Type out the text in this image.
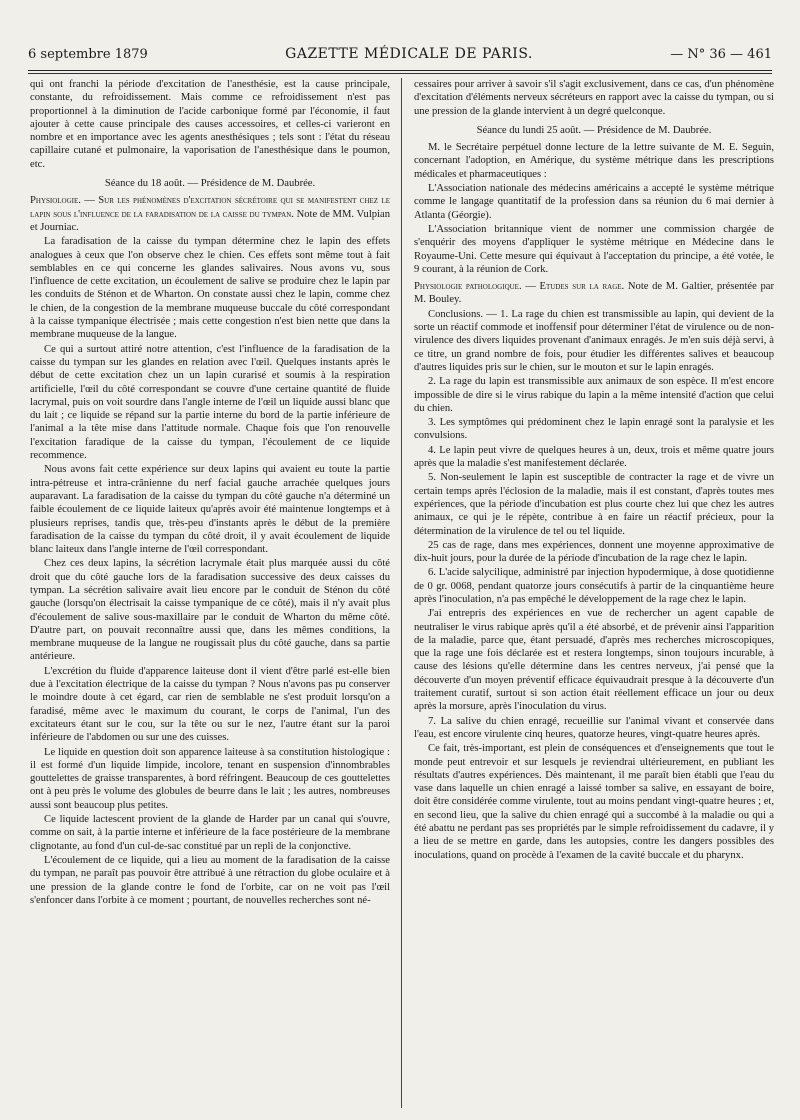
6 septembre 1879	GAZETTE MÉDICALE DE PARIS.	— N° 36 — 461

qui ont franchi la période d'excitation de l'anesthésie, est la cause principale, constante, du refroidissement. Mais comme ce refroidissement n'est pas proportionnel à la diminution de l'acide carbonique formé par l'économie, il faut ajouter à cette cause principale des causes accessoires, et celles-ci varieront en nombre et en importance avec les agents anesthésiques ; tels sont : l'état du réseau capillaire cutané et pulmonaire, la vaporisation de l'anesthésique dans le poumon, etc.

Séance du 18 août. — Présidence de M. Daubrée.

Physiologie. — Sur les phénomènes d'excitation sécrétoire qui se manifestent chez le lapin sous l'influence de la faradisation de la caisse du tympan. Note de MM. Vulpian et Journiac.

La faradisation de la caisse du tympan détermine chez le lapin des effets analogues à ceux que l'on observe chez le chien. Ces effets sont même tout à fait semblables en ce qui concerne les glandes salivaires. Nous avons vu, sous l'influence de cette excitation, un écoulement de salive se produire chez le lapin par les conduits de Sténon et de Wharton. On constate aussi chez le lapin, comme chez le chien, de la congestion de la membrane muqueuse buccale du côté correspondant à la caisse tympanique électrisée ; mais cette congestion n'est bien nette que dans la membrane muqueuse de la langue.

Ce qui a surtout attiré notre attention, c'est l'influence de la faradisation de la caisse du tympan sur les glandes en relation avec l'œil. Quelques instants après le début de cette excitation chez un un lapin curarisé et soumis à la respiration artificielle, l'œil du côté correspondant se couvre d'une certaine quantité de fluide lacrymal, puis on voit sourdre dans l'angle interne de l'œil un liquide aussi blanc que du lait ; ce liquide se répand sur la partie interne du bord de la partie inférieure de l'animal a la tête mise dans l'attitude normale. Chaque fois que l'on renouvelle l'excitation faradique de la caisse du tympan, l'écoulement de ce liquide recommence.

Nous avons fait cette expérience sur deux lapins qui avaient eu toute la partie intra-pétreuse et intra-crânienne du nerf facial gauche arrachée quelques jours auparavant. La faradisation de la caisse du tympan du côté gauche n'a déterminé un faible écoulement de ce liquide laiteux qu'après avoir été maintenue longtemps et à plusieurs reprises, tandis que, très-peu d'instants après le début de la première faradisation de la caisse du tympan du côté droit, il y avait écoulement de liquide blanc laiteux dans l'angle interne de l'œil correspondant.

Chez ces deux lapins, la sécrétion lacrymale était plus marquée aussi du côté droit que du côté gauche lors de la faradisation successive des deux caisses du tympan. La sécrétion salivaire avait lieu encore par le conduit de Sténon du côté gauche (lorsqu'on électrisait la caisse tympanique de ce côté), mais il n'y avait plus d'écoulement de salive sous-maxillaire par le conduit de Wharton du même côté. D'autre part, on pouvait reconnaître aussi que, dans les mêmes conditions, la membrane muqueuse de la langue ne rougissait plus du côté gauche, dans sa partie antérieure.

L'excrétion du fluide d'apparence laiteuse dont il vient d'être parlé est-elle bien due à l'excitation électrique de la caisse du tympan ? Nous n'avons pas pu conserver le moindre doute à cet égard, car rien de semblable ne s'est produit lorsqu'on a faradisé, même avec le maximum du courant, le corps de l'animal, l'un des excitateurs étant sur le cou, sur la tête ou sur le nez, l'autre étant sur la paroi inférieure de l'abdomen ou sur une des cuisses.

Le liquide en question doit son apparence laiteuse à sa constitution histologique : il est formé d'un liquide limpide, incolore, tenant en suspension d'innombrables gouttelettes de graisse transparentes, à bord réfringent. Beaucoup de ces gouttelettes ont à peu près le volume des globules de beurre dans le lait ; les autres, nombreuses aussi sont beaucoup plus petites.

Ce liquide lactescent provient de la glande de Harder par un canal qui s'ouvre, comme on sait, à la partie interne et inférieure de la face postérieure de la membrane clignotante, au fond d'un cul-de-sac constitué par un repli de la conjonctive.

L'écoulement de ce liquide, qui a lieu au moment de la faradisation de la caisse du tympan, ne paraît pas pouvoir être attribué à une rétraction du globe oculaire et à une pression de la glande contre le fond de l'orbite, car on ne voit pas l'œil s'enfoncer dans l'orbite à ce moment ; pourtant, de nouvelles recherches sont né-

cessaires pour arriver à savoir s'il s'agit exclusivement, dans ce cas, d'un phénomène d'excitation d'éléments nerveux sécréteurs en rapport avec la caisse du tympan, ou si une pression de la glande intervient à un degré quelconque.

Séance du lundi 25 août. — Présidence de M. Daubrée.

M. le Secrétaire perpétuel donne lecture de la lettre suivante de M. E. Seguin, concernant l'adoption, en Amérique, du système métrique dans les prescriptions médicales et pharmaceutiques :

L'Association nationale des médecins américains a accepté le système métrique comme le langage quantitatif de la profession dans sa réunion du 6 mai dernier à Atlanta (Géorgie).

L'Association britannique vient de nommer une commission chargée de s'enquérir des moyens d'appliquer le système métrique en Médecine dans le Royaume-Uni. Cette mesure qui équivaut à l'acceptation du principe, a été votée, le 9 courant, à la réunion de Cork.

Physiologie pathologique. — Etudes sur la rage. Note de M. Galtier, présentée par M. Bouley.

Conclusions. — 1. La rage du chien est transmissible au lapin, qui devient de la sorte un réactif commode et inoffensif pour déterminer l'état de virulence ou de non-virulence des divers liquides provenant d'animaux enragés. Je m'en suis déjà servi, à ce titre, un grand nombre de fois, pour étudier les différentes salives et beaucoup d'autres liquides pris sur le chien, sur le mouton et sur le lapin enragés.

2. La rage du lapin est transmissible aux animaux de son espèce. Il m'est encore impossible de dire si le virus rabique du lapin a la même intensité d'action que celui du chien.

3. Les symptômes qui prédominent chez le lapin enragé sont la paralysie et les convulsions.

4. Le lapin peut vivre de quelques heures à un, deux, trois et même quatre jours après que la maladie s'est manifestement déclarée.

5. Non-seulement le lapin est susceptible de contracter la rage et de vivre un certain temps après l'éclosion de la maladie, mais il est constant, d'après toutes mes expériences, que la période d'incubation est plus courte chez lui que chez les autres animaux, ce qui je le répète, contribue à en faire un réactif précieux, pour la détermination de la virulence de tel ou tel liquide.

25 cas de rage, dans mes expériences, donnent une moyenne approximative de dix-huit jours, pour la durée de la période d'incubation de la rage chez le lapin.

6. L'acide salycilique, administré par injection hypodermique, à dose quotidienne de 0 gr. 0068, pendant quatorze jours consécutifs à partir de la cinquantième heure après l'inoculation, n'a pas empêché le développement de la rage chez le lapin.

J'ai entrepris des expériences en vue de rechercher un agent capable de neutraliser le virus rabique après qu'il a été absorbé, et de prévenir ainsi l'apparition de la maladie, parce que, étant persuadé, d'après mes recherches microscopiques, que la rage une fois déclarée est et restera longtemps, sinon toujours incurable, à cause des lésions qu'elle détermine dans les centres nerveux, j'ai pensé que la découverte d'un moyen préventif efficace équivaudrait presque à la découverte d'un traitement curatif, surtout si son action était réellement efficace un jour ou deux après la morsure, après l'inoculation du virus.

7. La salive du chien enragé, recueillie sur l'animal vivant et conservée dans l'eau, est encore virulente cinq heures, quatorze heures, vingt-quatre heures après.

Ce fait, très-important, est plein de conséquences et d'enseignements que tout le monde peut entrevoir et sur lesquels je reviendrai ultérieurement, en publiant les résultats d'autres expériences. Dès maintenant, il me paraît bien établi que l'eau du vase dans laquelle un chien enragé a laissé tomber sa salive, en essayant de boire, doit être considérée comme virulente, tout au moins pendant vingt-quatre heures ; et, en second lieu, que la salive du chien enragé qui a succombé à la maladie ou qui a été abattu ne perdant pas ses propriétés par le simple refroidissement du cadavre, il y a lieu de se mettre en garde, dans les autopsies, contre les dangers possibles des inoculations, quand on procède à l'examen de la cavité buccale et du pharynx.
